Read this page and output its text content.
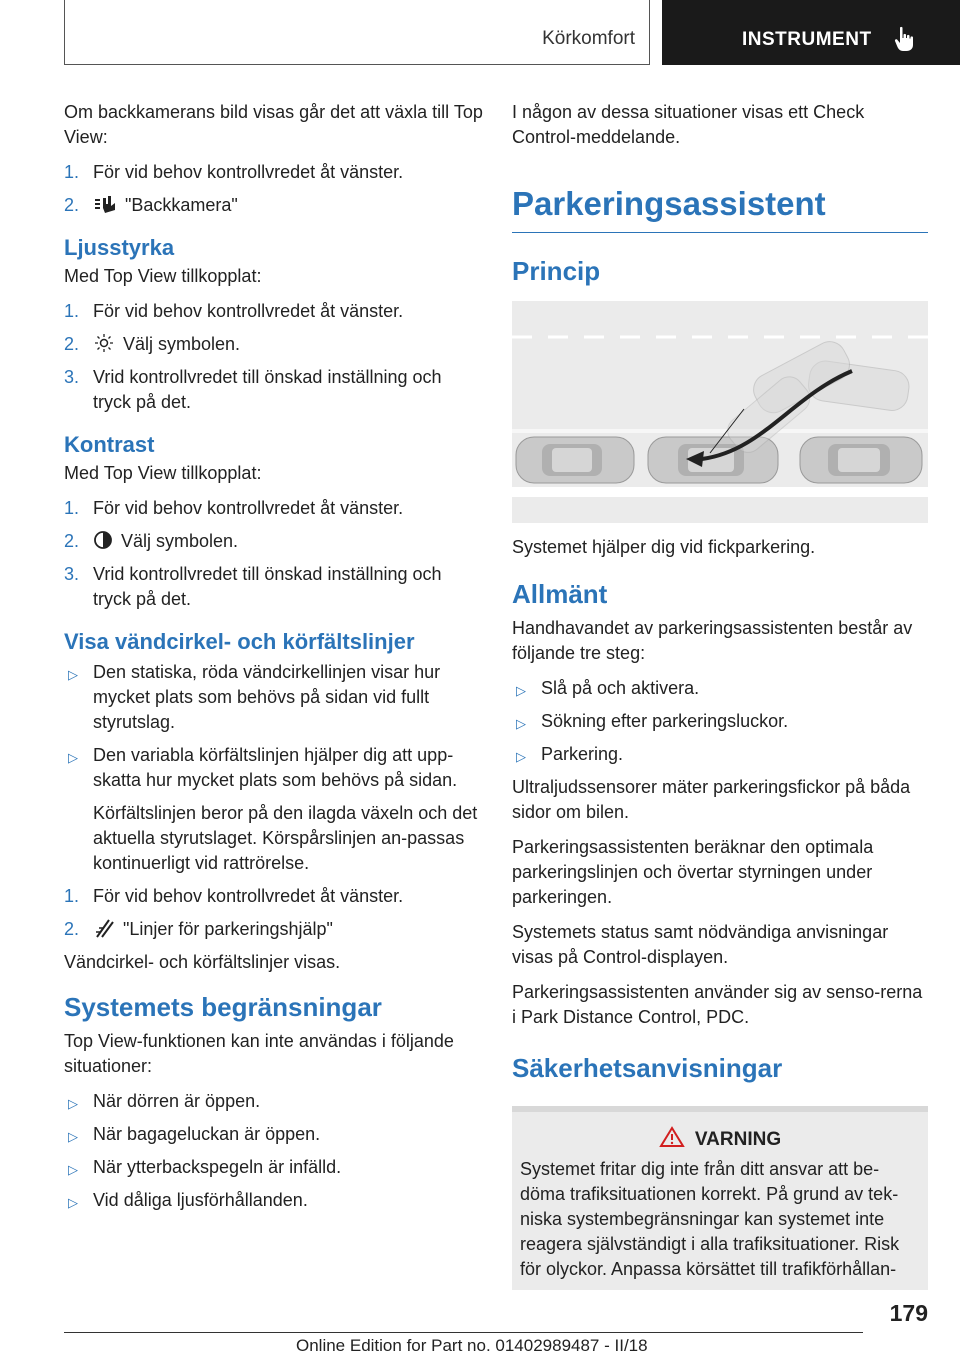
Körkomfort	INSTRUMENT

Om backkamerans bild visas går det att växla till Top View:

1. För vid behov kontrollvredet åt vänster.
2.	"Backkamera"
Ljusstyrka

Med Top View tillkopplat:

1. För vid behov kontrollvredet åt vänster.
2. Välj symbolen.
3. Vrid kontrollvredet till önskad inställning och tryck på det.
Kontrast

Med Top View tillkopplat:

1. För vid behov kontrollvredet åt vänster.
2. Välj symbolen.
3. Vrid kontrollvredet till önskad inställning och tryck på det.
Visa vändcirkel- och körfältslinjer
▷ Den statiska, röda vändcirkellinjen visar hur mycket plats som behövs på sidan vid fullt styrutslag.
▷ Den variabla körfältslinjen hjälper dig att upp-skatta hur mycket plats som behövs på sidan.
Körfältslinjen beror på den ilagda växeln och det aktuella styrutslaget. Körspårslinjen an-passas kontinuerligt vid rattrörelse.
1. För vid behov kontrollvredet åt vänster.
2. "Linjer för parkeringshjälp"

Vändcirkel- och körfältslinjer visas.

Systemets begränsningar

Top View-funktionen kan inte användas i följande situationer:

▷ När dörren är öppen.
▷ När bagageluckan är öppen.
▷ När ytterbackspegeln är infälld.
▷ Vid dåliga ljusförhållanden.

I någon av dessa situationer visas ett Check Control-meddelande.

Parkeringsassistent
Princip

Systemet hjälper dig vid fickparkering.

Allmänt

Handhavandet av parkeringsassistenten består av följande tre steg:

▷ Slå på och aktivera.
▷ Sökning efter parkeringsluckor.
▷ Parkering.

Ultraljudssensorer mäter parkeringsfickor på båda sidor om bilen.

Parkeringsassistenten beräknar den optimala parkeringslinjen och övertar styrningen under parkeringen.

Systemets status samt nödvändiga anvisningar visas på Control-displayen.

Parkeringsassistenten använder sig av senso-rerna i Park Distance Control, PDC.

Säkerhetsanvisningar
VARNING

Systemet fritar dig inte från ditt ansvar att be-döma trafiksituationen korrekt. På grund av tek-niska systembegränsningar kan systemet inte reagera självständigt i alla trafiksituationer. Risk för olyckor. Anpassa körsättet till trafikförhållan-

179
Online Edition for Part no. 01402989487 - II/18
